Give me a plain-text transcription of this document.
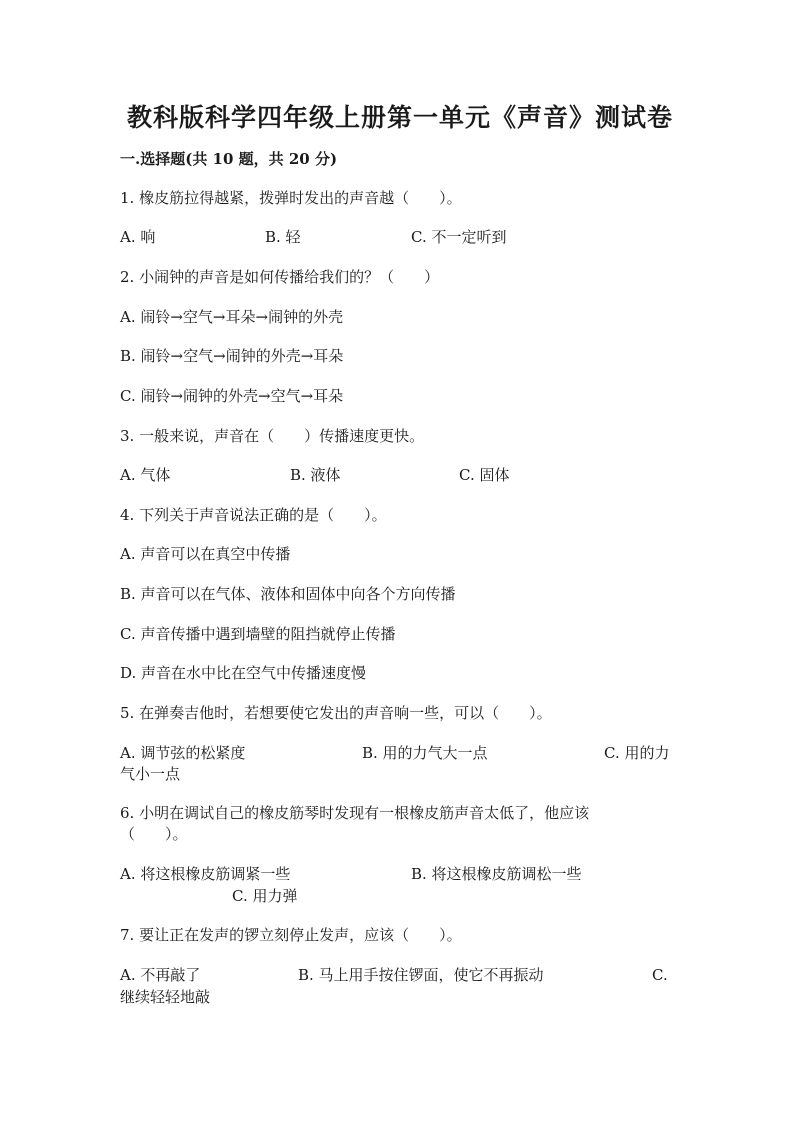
教科版科学四年级上册第一单元《声音》测试卷
一.选择题(共 10 题，共 20 分)
1. 橡皮筋拉得越紧，拨弹时发出的声音越（　　）。
A. 响	B. 轻	C. 不一定听到
2. 小闹钟的声音是如何传播给我们的？（　　）
A. 闹铃→空气→耳朵→闹钟的外壳
B. 闹铃→空气→闹钟的外壳→耳朵
C. 闹铃→闹钟的外壳→空气→耳朵
3. 一般来说，声音在（　　）传播速度更快。
A. 气体	B. 液体	C. 固体
4. 下列关于声音说法正确的是（　　）。
A. 声音可以在真空中传播
B. 声音可以在气体、液体和固体中向各个方向传播
C. 声音传播中遇到墙壁的阻挡就停止传播
D. 声音在水中比在空气中传播速度慢
5. 在弹奏吉他时，若想要使它发出的声音响一些，可以（　　）。
A. 调节弦的松紧度	B. 用的力气大一点	C. 用的力
气小一点
6. 小明在调试自己的橡皮筋琴时发现有一根橡皮筋声音太低了，他应该
（　　）。
A. 将这根橡皮筋调紧一些	B. 将这根橡皮筋调松一些
C. 用力弹
7. 要让正在发声的锣立刻停止发声，应该（　　）。
A. 不再敲了	B. 马上用手按住锣面，使它不再振动	C.
继续轻轻地敲
